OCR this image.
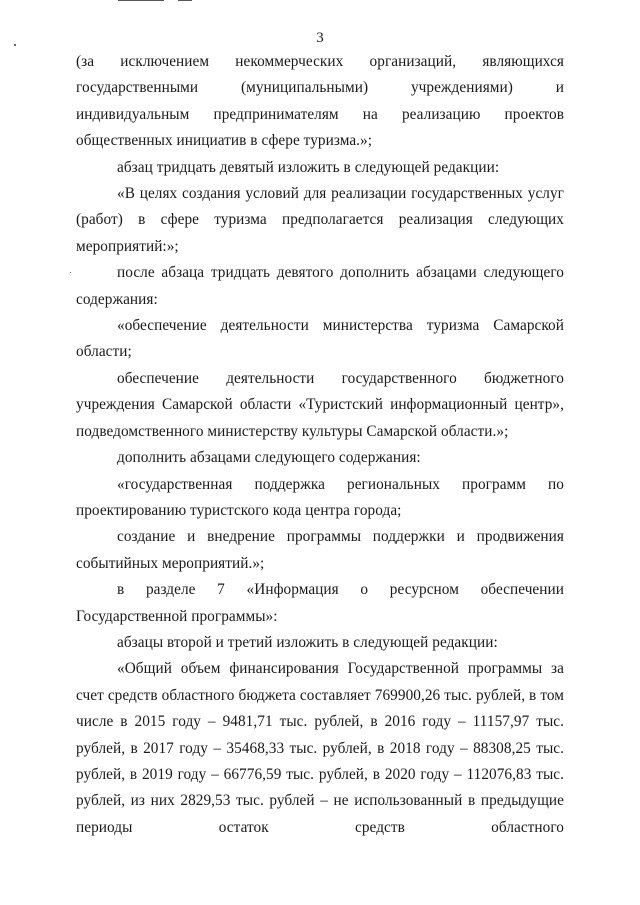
3

(за исключением некоммерческих организаций, являющихся государственными (муниципальными) учреждениями) и индивидуальным предпринимателям на реализацию проектов общественных инициатив в сфере туризма.»;

абзац тридцать девятый изложить в следующей редакции:

«В целях создания условий для реализации государственных услуг (работ) в сфере туризма предполагается реализация следующих мероприятий:»;

после абзаца тридцать девятого дополнить абзацами следующего содержания:

«обеспечение деятельности министерства туризма Самарской области;

обеспечение деятельности государственного бюджетного учреждения Самарской области «Туристский информационный центр», подведомственного министерству культуры Самарской области.»;

дополнить абзацами следующего содержания:

«государственная поддержка региональных программ по проектированию туристского кода центра города;

создание и внедрение программы поддержки и продвижения событийных мероприятий.»;

в разделе 7 «Информация о ресурсном обеспечении Государственной программы»:

абзацы второй и третий изложить в следующей редакции:

«Общий объем финансирования Государственной программы за счет средств областного бюджета составляет 769900,26 тыс. рублей, в том числе в 2015 году – 9481,71 тыс. рублей, в 2016 году – 11157,97 тыс. рублей, в 2017 году – 35468,33 тыс. рублей, в 2018 году – 88308,25 тыс. рублей, в 2019 году – 66776,59 тыс. рублей, в 2020 году – 112076,83 тыс. рублей, из них 2829,53 тыс. рублей – не использованный в предыдущие периоды остаток средств областного
